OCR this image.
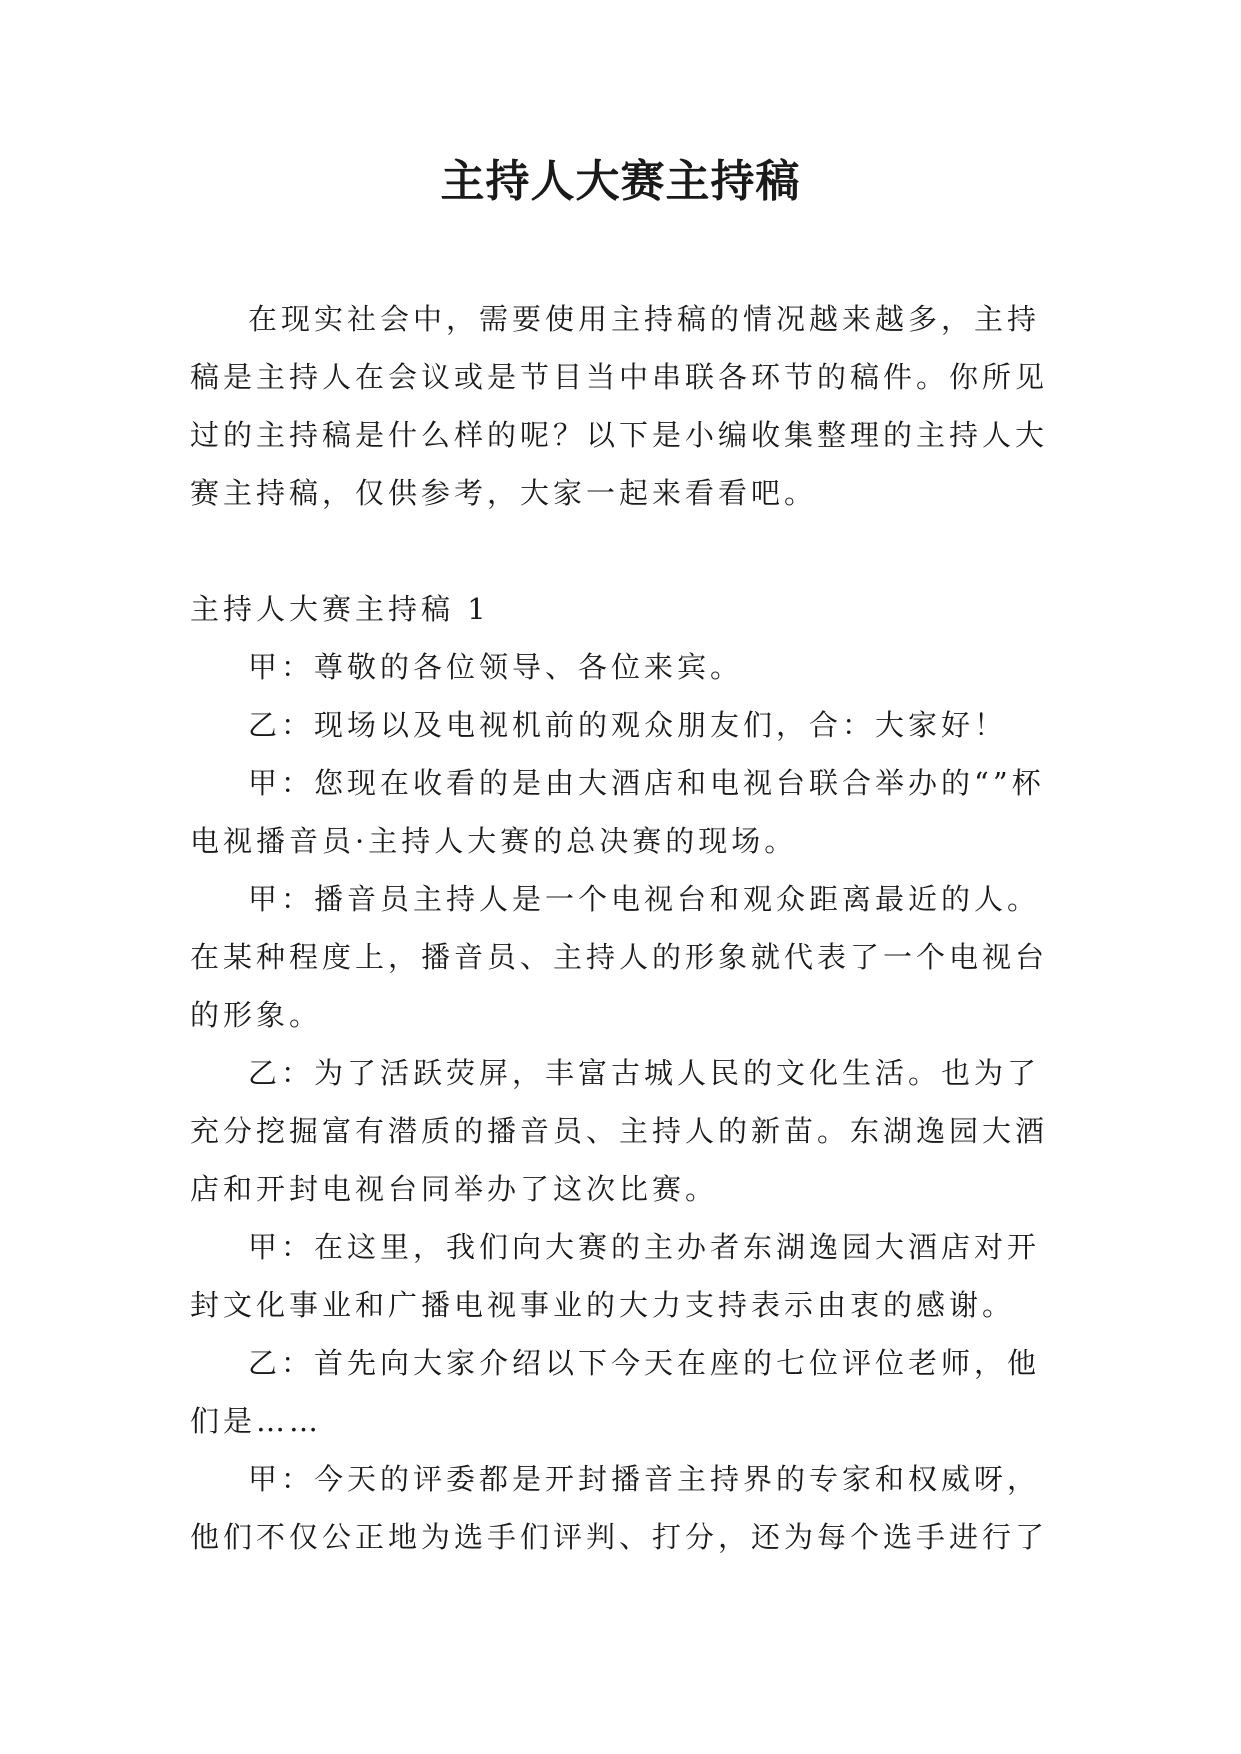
主持人大赛主持稿

在现实社会中，需要使用主持稿的情况越来越多，主持稿是主持人在会议或是节目当中串联各环节的稿件。你所见过的主持稿是什么样的呢？以下是小编收集整理的主持人大赛主持稿，仅供参考，大家一起来看看吧。

主持人大赛主持稿 1

甲：尊敬的各位领导、各位来宾。

乙：现场以及电视机前的观众朋友们，合：大家好！

甲：您现在收看的是由大酒店和电视台联合举办的“”杯电视播音员·主持人大赛的总决赛的现场。

甲：播音员主持人是一个电视台和观众距离最近的人。在某种程度上，播音员、主持人的形象就代表了一个电视台的形象。

乙：为了活跃荧屏，丰富古城人民的文化生活。也为了充分挖掘富有潜质的播音员、主持人的新苗。东湖逸园大酒店和开封电视台同举办了这次比赛。

甲：在这里，我们向大赛的主办者东湖逸园大酒店对开封文化事业和广播电视事业的大力支持表示由衷的感谢。

乙：首先向大家介绍以下今天在座的七位评位老师，他们是……

甲：今天的评委都是开封播音主持界的专家和权威呀，他们不仅公正地为选手们评判、打分，还为每个选手进行了
